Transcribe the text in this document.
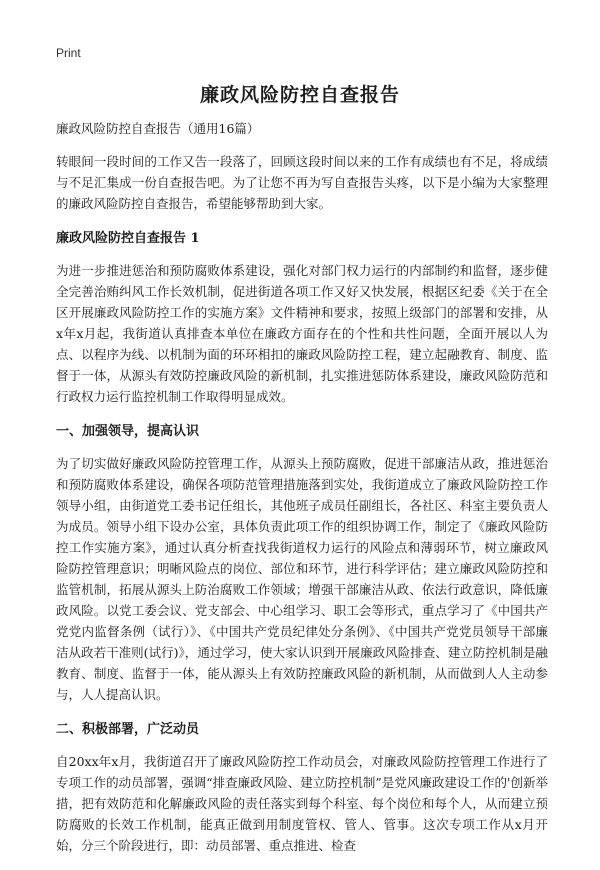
Print
廉政风险防控自查报告

廉政风险防控自查报告（通用16篇）

转眼间一段时间的工作又告一段落了，回顾这段时间以来的工作有成绩也有不足，将成绩与不足汇集成一份自查报告吧。为了让您不再为写自查报告头疼，以下是小编为大家整理的廉政风险防控自查报告，希望能够帮助到大家。

廉政风险防控自查报告 1

为进一步推进惩治和预防腐败体系建设，强化对部门权力运行的内部制约和监督，逐步健全完善治贿纠风工作长效机制，促进街道各项工作又好又快发展，根据区纪委《关于在全区开展廉政风险防控工作的实施方案》文件精神和要求，按照上级部门的部署和安排，从x年x月起，我街道认真排查本单位在廉政方面存在的个性和共性问题，全面开展以人为点、以程序为线、以机制为面的环环相扣的廉政风险防控工程，建立起融教育、制度、监督于一体，从源头有效防控廉政风险的新机制，扎实推进惩防体系建设，廉政风险防范和行政权力运行监控机制工作取得明显成效。

一、加强领导，提高认识

为了切实做好廉政风险防控管理工作，从源头上预防腐败，促进干部廉洁从政，推进惩治和预防腐败体系建设，确保各项防范管理措施落到实处，我街道成立了廉政风险防控工作领导小组，由街道党工委书记任组长，其他班子成员任副组长，各社区、科室主要负责人为成员。领导小组下设办公室，具体负责此项工作的组织协调工作，制定了《廉政风险防控工作实施方案》，通过认真分析查找我街道权力运行的风险点和薄弱环节，树立廉政风险防控管理意识；明晰风险点的岗位、部位和环节，进行科学评估；建立廉政风险防控和监管机制，拓展从源头上防治腐败工作领域；增强干部廉洁从政、依法行政意识，降低廉政风险。以党工委会议、党支部会、中心组学习、职工会等形式，重点学习了《中国共产党党内监督条例（试行）》、《中国共产党员纪律处分条例》、《中国共产党党员领导干部廉洁从政若干准则(试行)》，通过学习，使大家认识到开展廉政风险排查、建立防控机制是融教育、制度、监督于一体，能从源头上有效防控廉政风险的新机制，从而做到人人主动参与，人人提高认识。

二、积极部署，广泛动员

自20xx年x月，我街道召开了廉政风险防控工作动员会，对廉政风险防控管理工作进行了专项工作的动员部署，强调“排查廉政风险、建立防控机制”是党风廉政建设工作的'创新举措，把有效防范和化解廉政风险的责任落实到每个科室、每个岗位和每个人，从而建立预防腐败的长效工作机制，能真正做到用制度管权、管人、管事。这次专项工作从x月开始，分三个阶段进行，即：动员部署、重点推进、检查
